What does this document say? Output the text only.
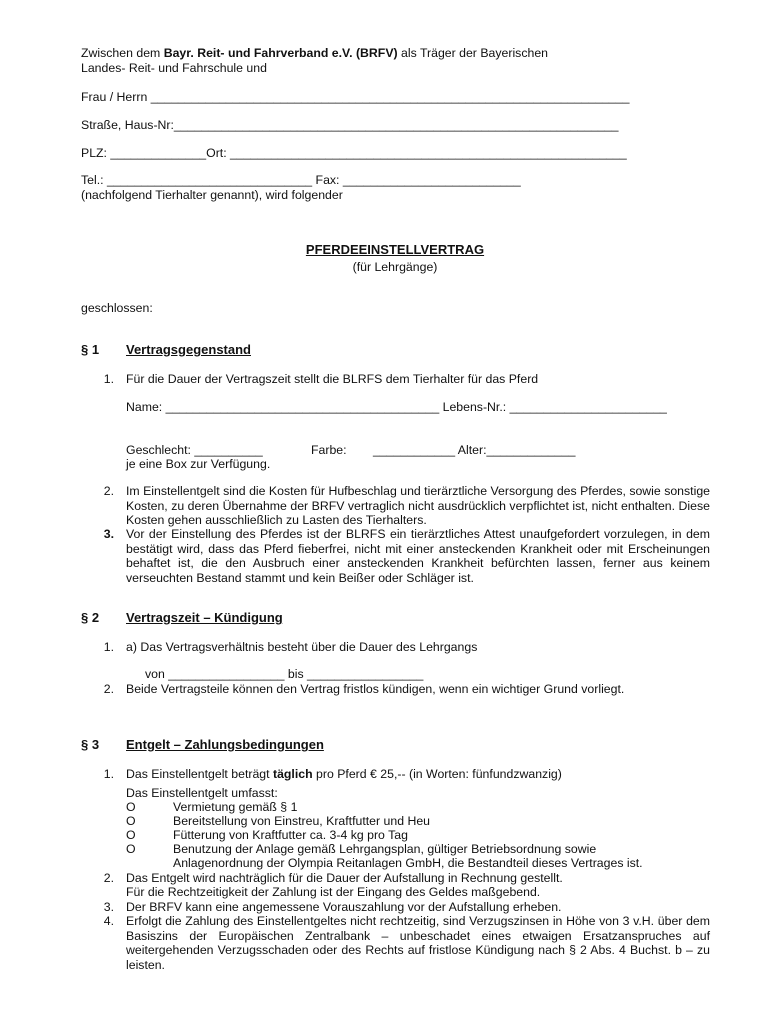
Zwischen dem Bayr. Reit- und Fahrverband e.V. (BRFV) als Träger der Bayerischen
Landes- Reit- und Fahrschule und
Frau / Herrn ______________________________________________________________________
Straße, Haus-Nr:_________________________________________________________________
PLZ: ______________Ort: __________________________________________________________
Tel.: ______________________________ Fax: __________________________
(nachfolgend Tierhalter genannt), wird folgender
PFERDEEINSTELLVERTRAG
(für Lehrgänge)
geschlossen:
§ 1 Vertragsgegenstand
1. Für die Dauer der Vertragszeit stellt die BLRFS dem Tierhalter für das Pferd
Name: ________________________________________ Lebens-Nr.: _______________________
Geschlecht: __________	Farbe: ____________ Alter:_____________
je eine Box zur Verfügung.
2. Im Einstellentgelt sind die Kosten für Hufbeschlag und tierärztliche Versorgung des Pferdes, sowie sonstige Kosten, zu deren Übernahme der BRFV vertraglich nicht ausdrücklich verpflichtet ist, nicht enthalten. Diese Kosten gehen ausschließlich zu Lasten des Tierhalters.
3. Vor der Einstellung des Pferdes ist der BLRFS ein tierärztliches Attest unaufgefordert vorzulegen, in dem bestätigt wird, dass das Pferd fieberfrei, nicht mit einer ansteckenden Krankheit oder mit Erscheinungen behaftet ist, die den Ausbruch einer ansteckenden Krankheit befürchten lassen, ferner aus keinem verseuchten Bestand stammt und kein Beißer oder Schläger ist.
§ 2 Vertragszeit – Kündigung
1. a) Das Vertragsverhältnis besteht über die Dauer des Lehrgangs
von _________________ bis _________________
2. Beide Vertragsteile können den Vertrag fristlos kündigen, wenn ein wichtiger Grund vorliegt.
§ 3 Entgelt – Zahlungsbedingungen
1. Das Einstellentgelt beträgt täglich pro Pferd € 25,-- (in Worten: fünfundzwanzig)
Das Einstellentgelt umfasst:
O	Vermietung gemäß § 1
O	Bereitstellung von Einstreu, Kraftfutter und Heu
O	Fütterung von Kraftfutter ca. 3-4 kg pro Tag
O	Benutzung der Anlage gemäß Lehrgangsplan, gültiger Betriebsordnung sowie
Anlagenordnung der Olympia Reitanlagen GmbH, die Bestandteil dieses Vertrages ist.
2. Das Entgelt wird nachträglich für die Dauer der Aufstallung in Rechnung gestellt.
Für die Rechtzeitigkeit der Zahlung ist der Eingang des Geldes maßgebend.
3. Der BRFV kann eine angemessene Vorauszahlung vor der Aufstallung erheben.
4. Erfolgt die Zahlung des Einstellentgeltes nicht rechtzeitig, sind Verzugszinsen in Höhe von 3 v.H. über dem Basiszins der Europäischen Zentralbank – unbeschadet eines etwaigen Ersatzanspruches auf weitergehenden Verzugsschaden oder des Rechts auf fristlose Kündigung nach § 2 Abs. 4 Buchst. b – zu leisten.
